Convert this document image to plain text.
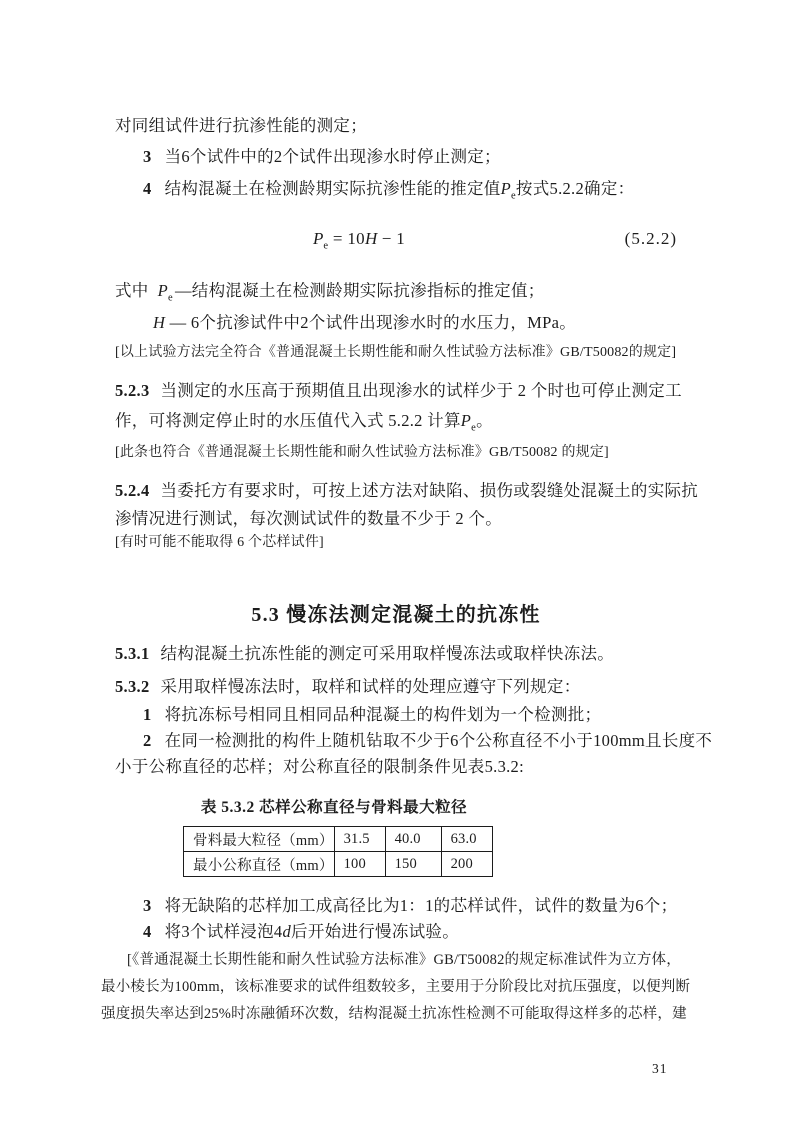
对同组试件进行抗渗性能的测定；
3 当6个试件中的2个试件出现渗水时停止测定；
4 结构混凝土在检测龄期实际抗渗性能的推定值$P_e$按式5.2.2确定：
$P_e = 10H - 1$	(5.2.2)
式中 $P_e$ —结构混凝土在检测龄期实际抗渗指标的推定值；
H — 6个抗渗试件中2个试件出现渗水时的水压力，MPa。
[以上试验方法完全符合《普通混凝土长期性能和耐久性试验方法标准》GB/T50082的规定]
5.2.3 当测定的水压高于预期值且出现渗水的试样少于 2 个时也可停止测定工
作，可将测定停止时的水压值代入式 5.2.2 计算$P_e$。
[此条也符合《普通混凝土长期性能和耐久性试验方法标准》GB/T50082 的规定]
5.2.4 当委托方有要求时，可按上述方法对缺陷、损伤或裂缝处混凝土的实际抗
渗情况进行测试，每次测试试件的数量不少于 2 个。
[有时可能不能取得 6 个芯样试件]
5.3 慢冻法测定混凝土的抗冻性
5.3.1 结构混凝土抗冻性能的测定可采用取样慢冻法或取样快冻法。
5.3.2 采用取样慢冻法时，取样和试样的处理应遵守下列规定：
1 将抗冻标号相同且相同品种混凝土的构件划为一个检测批；
2 在同一检测批的构件上随机钻取不少于6个公称直径不小于100mm且长度不
小于公称直径的芯样；对公称直径的限制条件见表5.3.2:
表 5.3.2 芯样公称直径与骨料最大粒径
骨料最大粒径（mm）	31.5	40.0	63.0
最小公称直径（mm）	100	150	200
3 将无缺陷的芯样加工成高径比为1：1的芯样试件，试件的数量为6个；
4 将3个试样浸泡4d后开始进行慢冻试验。
[《普通混凝土长期性能和耐久性试验方法标准》GB/T50082的规定标准试件为立方体，
最小棱长为100mm，该标准要求的试件组数较多，主要用于分阶段比对抗压强度，以便判断
强度损失率达到25%时冻融循环次数，结构混凝土抗冻性检测不可能取得这样多的芯样，建
31
